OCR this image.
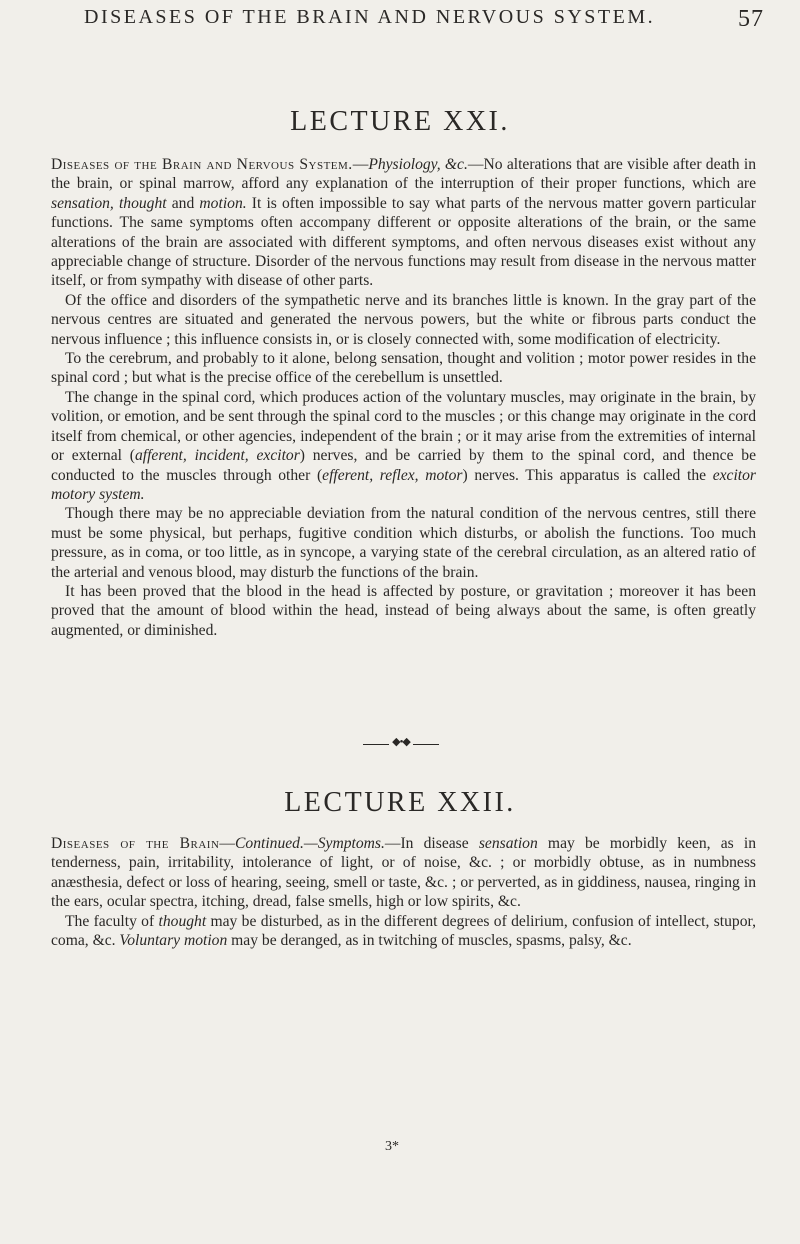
DISEASES OF THE BRAIN AND NERVOUS SYSTEM.	57
LECTURE XXI.

Diseases of the Brain and Nervous System.—Physiology, &c.—No alterations that are visible after death in the brain, or spinal marrow, afford any explanation of the interruption of their proper functions, which are sensation, thought and motion. It is often impossible to say what parts of the nervous matter govern particular functions. The same symptoms often accompany different or opposite alterations of the brain, or the same alterations of the brain are associated with different symptoms, and often nervous diseases exist without any appreciable change of structure. Disorder of the nervous functions may result from disease in the nervous matter itself, or from sympathy with disease of other parts.

Of the office and disorders of the sympathetic nerve and its branches little is known. In the gray part of the nervous centres are situated and generated the nervous powers, but the white or fibrous parts conduct the nervous influence ; this influence consists in, or is closely connected with, some modification of electricity.

To the cerebrum, and probably to it alone, belong sensation, thought and volition ; motor power resides in the spinal cord ; but what is the precise office of the cerebellum is unsettled.

The change in the spinal cord, which produces action of the voluntary muscles, may originate in the brain, by volition, or emotion, and be sent through the spinal cord to the muscles ; or this change may originate in the cord itself from chemical, or other agencies, independent of the brain ; or it may arise from the extremities of internal or external (afferent, incident, excitor) nerves, and be carried by them to the spinal cord, and thence be conducted to the muscles through other (efferent, reflex, motor) nerves. This apparatus is called the excitor motory system.

Though there may be no appreciable deviation from the natural condition of the nervous centres, still there must be some physical, but perhaps, fugitive condition which disturbs, or abolish the functions. Too much pressure, as in coma, or too little, as in syncope, a varying state of the cerebral circulation, as an altered ratio of the arterial and venous blood, may disturb the functions of the brain.

It has been proved that the blood in the head is affected by posture, or gravitation ; moreover it has been proved that the amount of blood within the head, instead of being always about the same, is often greatly augmented, or diminished.

◆•◆
LECTURE XXII.

Diseases of the Brain—Continued.—Symptoms.—In disease sensation may be morbidly keen, as in tenderness, pain, irritability, intolerance of light, or of noise, &c. ; or morbidly obtuse, as in numbness anæsthesia, defect or loss of hearing, seeing, smell or taste, &c. ; or perverted, as in giddiness, nausea, ringing in the ears, ocular spectra, itching, dread, false smells, high or low spirits, &c.

The faculty of thought may be disturbed, as in the different degrees of delirium, confusion of intellect, stupor, coma, &c. Voluntary motion may be deranged, as in twitching of muscles, spasms, palsy, &c.

3*
